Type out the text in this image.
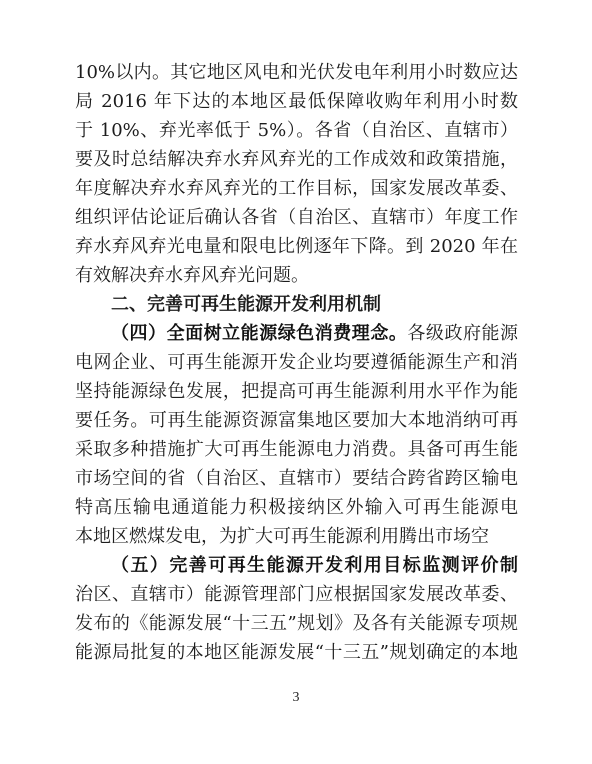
10%以内。其它地区风电和光伏发电年利用小时数应达
局 2016 年下达的本地区最低保障收购年利用小时数
于 10%、弃光率低于 5%）。各省（自治区、直辖市）
要及时总结解决弃水弃风弃光的工作成效和政策措施，
年度解决弃水弃风弃光的工作目标，国家发展改革委、
组织评估论证后确认各省（自治区、直辖市）年度工作
弃水弃风弃光电量和限电比例逐年下降。到 2020 年在
有效解决弃水弃风弃光问题。
二、完善可再生能源开发利用机制
（四）全面树立能源绿色消费理念。各级政府能源
电网企业、可再生能源开发企业均要遵循能源生产和消
坚持能源绿色发展，把提高可再生能源利用水平作为能
要任务。可再生能源资源富集地区要加大本地消纳可再
采取多种措施扩大可再生能源电力消费。具备可再生能
市场空间的省（自治区、直辖市）要结合跨省跨区输电
特高压输电通道能力积极接纳区外输入可再生能源电
本地区燃煤发电，为扩大可再生能源利用腾出市场空
（五）完善可再生能源开发利用目标监测评价制
治区、直辖市）能源管理部门应根据国家发展改革委、
发布的《能源发展“十三五”规划》及各有关能源专项规
能源局批复的本地区能源发展“十三五”规划确定的本地
3
